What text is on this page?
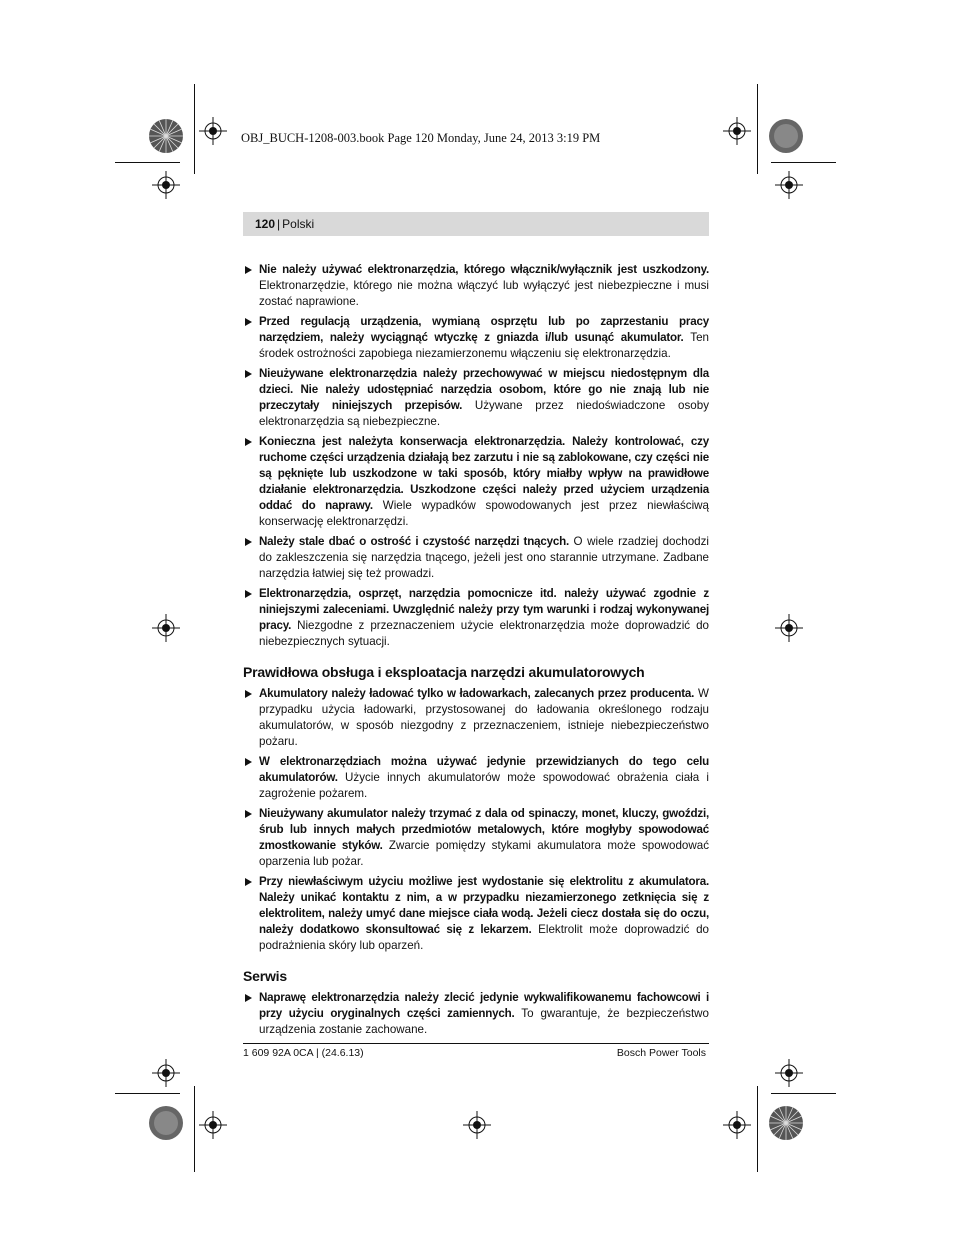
OBJ_BUCH-1208-003.book Page 120 Monday, June 24, 2013 3:19 PM
120 | Polski
Nie należy używać elektronarzędzia, którego włącznik/wyłącznik jest uszkodzony. Elektronarzędzie, którego nie można włączyć lub wyłączyć jest niebezpieczne i musi zostać naprawione.
Przed regulacją urządzenia, wymianą osprzętu lub po zaprzestaniu pracy narzędziem, należy wyciągnąć wtyczkę z gniazda i/lub usunąć akumulator. Ten środek ostrożności zapobiega niezamierzonemu włączeniu się elektronarzędzia.
Nieużywane elektronarzędzia należy przechowywać w miejscu niedostępnym dla dzieci. Nie należy udostępniać narzędzia osobom, które go nie znają lub nie przeczytały niniejszych przepisów. Używane przez niedoświadczone osoby elektronarzędzia są niebezpieczne.
Konieczna jest należyta konserwacja elektronarzędzia. Należy kontrolować, czy ruchome części urządzenia działają bez zarzutu i nie są zablokowane, czy części nie są pęknięte lub uszkodzone w taki sposób, który miałby wpływ na prawidłowe działanie elektronarzędzia. Uszkodzone części należy przed użyciem urządzenia oddać do naprawy. Wiele wypadków spowodowanych jest przez niewłaściwą konserwację elektronarzędzi.
Należy stale dbać o ostrość i czystość narzędzi tnących. O wiele rzadziej dochodzi do zakleszczenia się narzędzia tnącego, jeżeli jest ono starannie utrzymane. Zadbane narzędzia łatwiej się też prowadzi.
Elektronarzędzia, osprzęt, narzędzia pomocnicze itd. należy używać zgodnie z niniejszymi zaleceniami. Uwzględnić należy przy tym warunki i rodzaj wykonywanej pracy. Niezgodne z przeznaczeniem użycie elektronarzędzia może doprowadzić do niebezpiecznych sytuacji.
Prawidłowa obsługa i eksploatacja narzędzi akumulatorowych
Akumulatory należy ładować tylko w ładowarkach, zalecanych przez producenta. W przypadku użycia ładowarki, przystosowanej do ładowania określonego rodzaju akumulatorów, w sposób niezgodny z przeznaczeniem, istnieje niebezpieczeństwo pożaru.
W elektronarzędziach można używać jedynie przewidzianych do tego celu akumulatorów. Użycie innych akumulatorów może spowodować obrażenia ciała i zagrożenie pożarem.
Nieużywany akumulator należy trzymać z dala od spinaczy, monet, kluczy, gwoździ, śrub lub innych małych przedmiotów metalowych, które mogłyby spowodować zmostkowanie styków. Zwarcie pomiędzy stykami akumulatora może spowodować oparzenia lub pożar.
Przy niewłaściwym użyciu możliwe jest wydostanie się elektrolitu z akumulatora. Należy unikać kontaktu z nim, a w przypadku niezamierzonego zetknięcia się z elektrolitem, należy umyć dane miejsce ciała wodą. Jeżeli ciecz dostała się do oczu, należy dodatkowo skonsultować się z lekarzem. Elektrolit może doprowadzić do podrażnienia skóry lub oparzeń.
Serwis
Naprawę elektronarzędzia należy zlecić jedynie wykwalifikowanemu fachowcowi i przy użyciu oryginalnych części zamiennych. To gwarantuje, że bezpieczeństwo urządzenia zostanie zachowane.
1 609 92A 0CA | (24.6.13)	Bosch Power Tools
